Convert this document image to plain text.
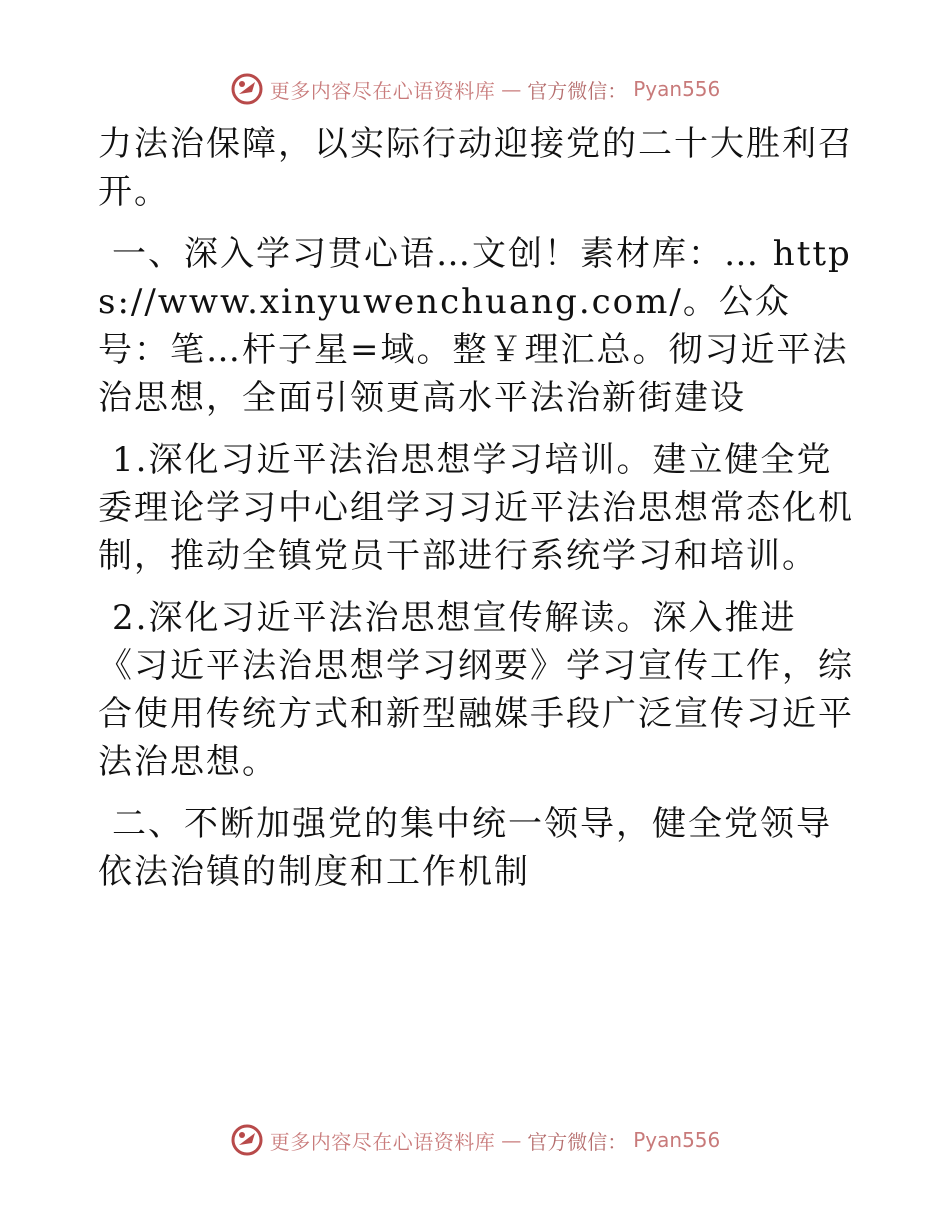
更多内容尽在心语资料库 — 官方微信： Pyan556

力法治保障，以实际行动迎接党的二十大胜利召开。

一、深入学习贯心语…文创！素材库：… https://www.xinyuwenchuang.com/。公众号：笔…杆子星=域。整￥理汇总。彻习近平法治思想，全面引领更高水平法治新街建设

1.深化习近平法治思想学习培训。建立健全党委理论学习中心组学习习近平法治思想常态化机制，推动全镇党员干部进行系统学习和培训。

2.深化习近平法治思想宣传解读。深入推进《习近平法治思想学习纲要》学习宣传工作，综合使用传统方式和新型融媒手段广泛宣传习近平法治思想。

二、不断加强党的集中统一领导，健全党领导依法治镇的制度和工作机制

更多内容尽在心语资料库 — 官方微信： Pyan556
